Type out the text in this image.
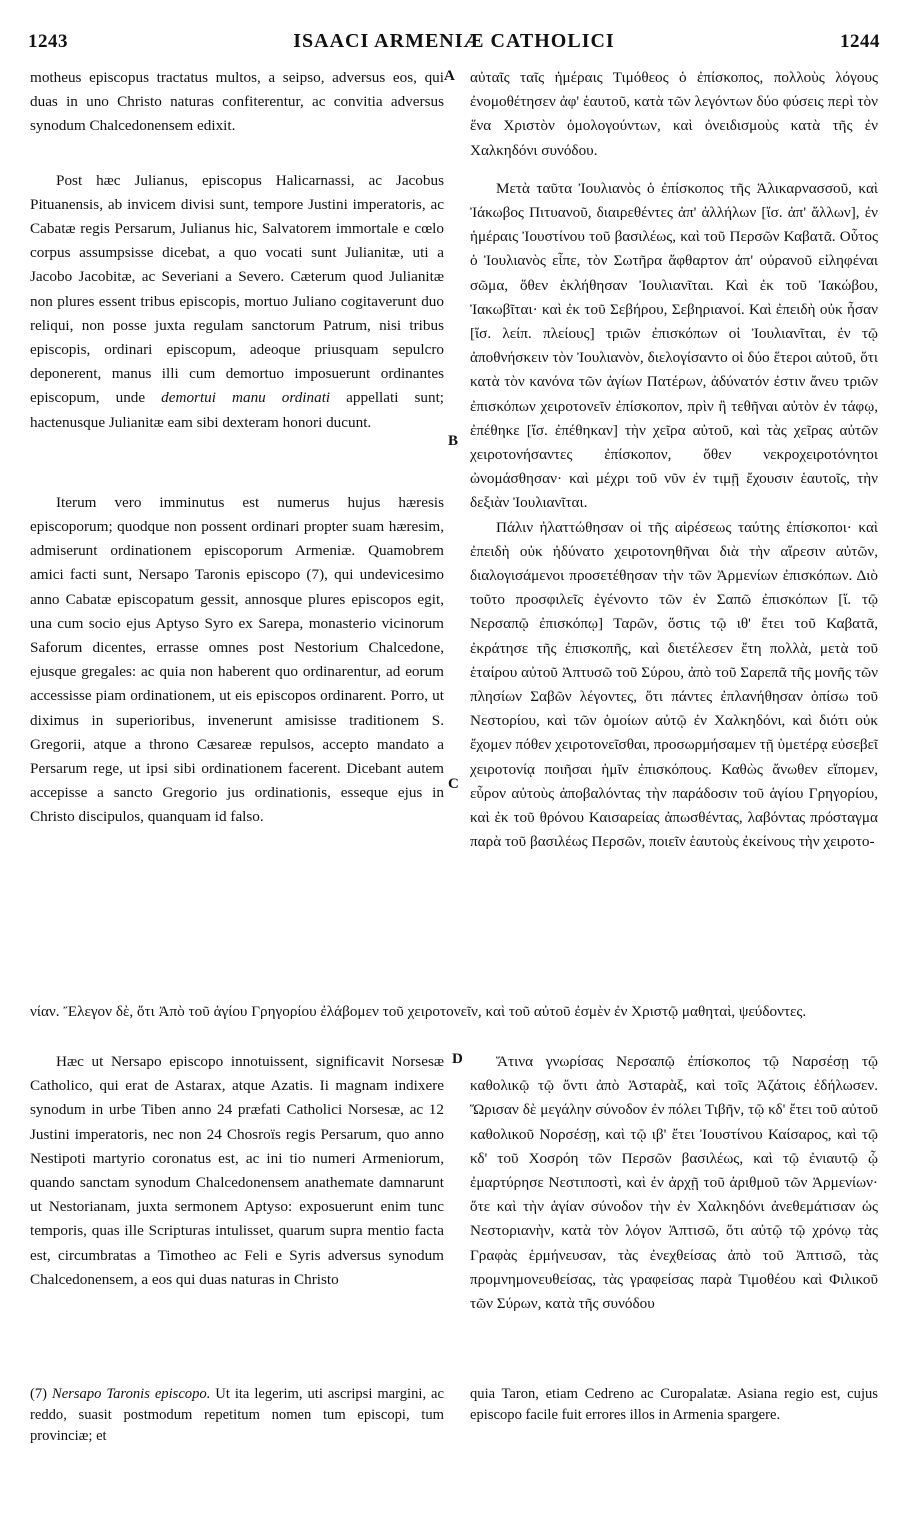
1243	ISAACI ARMENIÆ CATHOLICI	1244
A
B
C
D

motheus episcopus tractatus multos, a seipso, adversus eos, qui duas in uno Christo naturas confiterentur, ac convitia adversus synodum Chalcedonensem edixit.

Post hæc Julianus, episcopus Halicarnassi, ac Jacobus Pituanensis, ab invicem divisi sunt, tempore Justini imperatoris, ac Cabatæ regis Persarum, Julianus hic, Salvatorem immortale e cœlo corpus assumpsisse dicebat, a quo vocati sunt Julianitæ, uti a Jacobo Jacobitæ, ac Severiani a Severo. Cæterum quod Julianitæ non plures essent tribus episcopis, mortuo Juliano cogitaverunt duo reliqui, non posse juxta regulam sanctorum Patrum, nisi tribus episcopis, ordinari episcopum, adeoque priusquam sepulcro deponerent, manus illi cum demortuo imposuerunt ordinantes episcopum, unde demortui manu ordinati appellati sunt; hactenusque Julianitæ eam sibi dexteram honori ducunt.

Iterum vero imminutus est numerus hujus hæresis episcoporum; quodque non possent ordinari propter suam hæresim, admiserunt ordinationem episcoporum Armeniæ. Quamobrem amici facti sunt, Nersapo Taronis episcopo (7), qui undevicesimo anno Cabatæ episcopatum gessit, annosque plures episcopos egit, una cum socio ejus Aptyso Syro ex Sarepa, monasterio vicinorum Saforum dicentes, errasse omnes post Nestorium Chalcedone, ejusque gregales: ac quia non haberent quo ordinarentur, ad eorum accessisse piam ordinationem, ut eis episcopos ordinarent. Porro, ut diximus in superioribus, invenerunt amisisse traditionem S. Gregorii, atque a throno Cæsareæ repulsos, accepto mandato a Persarum rege, ut ipsi sibi ordinationem facerent. Dicebant autem accepisse a sancto Gregorio jus ordinationis, esseque ejus in Christo discipulos, quanquam id falso.

αὐταῖς ταῖς ἡμέραις Τιμόθεος ὁ ἐπίσκοπος, πολλοὺς λόγους ἐνομοθέτησεν ἀφ' ἑαυτοῦ, κατὰ τῶν λεγόντων δύο φύσεις περὶ τὸν ἕνα Χριστὸν ὁμολογούντων, καὶ ὀνειδισμοὺς κατὰ τῆς ἐν Χαλκηδόνι συνόδου.

Μετὰ ταῦτα Ἰουλιανὸς ὁ ἐπίσκοπος τῆς Ἁλικαρνασσοῦ, καὶ Ἰάκωβος Πιτυανοῦ, διαιρεθέντες ἀπ' ἀλλήλων [ἴσ. ἀπ' ἄλλων], ἐν ἡμέραις Ἰουστίνου τοῦ βασιλέως, καὶ τοῦ Περσῶν Καβατᾶ. Οὗτος ὁ Ἰουλιανὸς εἶπε, τὸν Σωτῆρα ἄφθαρτον ἀπ' οὐρανοῦ εἰληφέναι σῶμα, ὅθεν ἐκλήθησαν Ἰουλιανῖται. Καὶ ἐκ τοῦ Ἰακώβου, Ἰακωβῖται· καὶ ἐκ τοῦ Σεβήρου, Σεβηριανοί. Καὶ ἐπειδὴ οὐκ ἦσαν [ἴσ. λείπ. πλείους] τριῶν ἐπισκόπων οἱ Ἰουλιανῖται, ἐν τῷ ἀποθνήσκειν τὸν Ἰουλιανὸν, διελογίσαντο οἱ δύο ἕτεροι αὐτοῦ, ὅτι κατὰ τὸν κανόνα τῶν ἁγίων Πατέρων, ἀδύνατόν ἐστιν ἄνευ τριῶν ἐπισκόπων χειροτονεῖν ἐπίσκοπον, πρὶν ἢ τεθῆναι αὐτὸν ἐν τάφῳ, ἐπέθηκε [ἴσ. ἐπέθηκαν] τὴν χεῖρα αὐτοῦ, καὶ τὰς χεῖρας αὐτῶν χειροτονήσαντες ἐπίσκοπον, ὅθεν νεκροχειροτόνητοι ὠνομάσθησαν· καὶ μέχρι τοῦ νῦν ἐν τιμῇ ἔχουσιν ἑαυτοῖς, τὴν δεξιὰν Ἰουλιανῖται.

Πάλιν ἠλαττώθησαν οἱ τῆς αἱρέσεως ταύτης ἐπίσκοποι· καὶ ἐπειδὴ οὐκ ἠδύνατο χειροτονηθῆναι διὰ τὴν αἵρεσιν αὐτῶν, διαλογισάμενοι προσετέθησαν τὴν τῶν Ἀρμενίων ἐπισκόπων. Διὸ τοῦτο προσφιλεῖς ἐγένοντο τῶν ἐν Σαπῶ ἐπισκόπων [ἴ. τῷ Νερσαπῷ ἐπισκόπῳ] Ταρῶν, ὅστις τῷ ιθ' ἔτει τοῦ Καβατᾶ, ἐκράτησε τῆς ἐπισκοπῆς, καὶ διετέλεσεν ἔτη πολλὰ, μετὰ τοῦ ἑταίρου αὐτοῦ Ἀπτυσῶ τοῦ Σύρου, ἀπὸ τοῦ Σαρεπᾶ τῆς μονῆς τῶν πλησίων Σαβῶν λέγοντες, ὅτι πάντες ἐπλανήθησαν ὀπίσω τοῦ Νεστορίου, καὶ τῶν ὁμοίων αὐτῷ ἐν Χαλκηδόνι, καὶ διότι οὐκ ἔχομεν πόθεν χειροτονεῖσθαι, προσωρμήσαμεν τῇ ὑμετέρᾳ εὐσεβεῖ χειροτονίᾳ ποιῆσαι ἡμῖν ἐπισκόπους. Καθὼς ἄνωθεν εἴπομεν, εὗρον αὐτοὺς ἀποβαλόντας τὴν παράδοσιν τοῦ ἁγίου Γρηγορίου, καὶ ἐκ τοῦ θρόνου Καισαρείας ἀπωσθέντας, λαβόντας πρόσταγμα παρὰ τοῦ βασιλέως Περσῶν, ποιεῖν ἑαυτοὺς ἐκείνους τὴν χειροτο-

νίαν. Ἔλεγον δὲ, ὅτι Ἀπὸ τοῦ ἁγίου Γρηγορίου ἐλάβομεν τοῦ χειροτονεῖν, καὶ τοῦ αὐτοῦ ἐσμὲν ἐν Χριστῷ μαθηταὶ, ψεύδοντες.

Hæc ut Nersapo episcopo innotuissent, significavit Norsesæ Catholico, qui erat de Astarax, atque Azatis. Ii magnam indixere synodum in urbe Tiben anno 24 præfati Catholici Norsesæ, ac 12 Justini imperatoris, nec non 24 Chosroïs regis Persarum, quo anno Nestipoti martyrio coronatus est, ac ini tio numeri Armeniorum, quando sanctam synodum Chalcedonensem anathemate damnarunt ut Nestorianam, juxta sermonem Aptyso: exposuerunt enim tunc temporis, quas ille Scripturas intulisset, quarum supra mentio facta est, circumbratas a Timotheo ac Feli e Syris adversus synodum Chalcedonensem, a eos qui duas naturas in Christo

Ἅτινα γνωρίσας Νερσαπῷ ἐπίσκοπος τῷ Ναρσέσῃ τῷ καθολικῷ τῷ ὄντι ἀπὸ Ἀσταρὰξ, καὶ τοῖς Ἀζάτοις ἐδήλωσεν. Ὥρισαν δὲ μεγάλην σύνοδον ἐν πόλει Τιβῆν, τῷ κδ' ἔτει τοῦ αὐτοῦ καθολικοῦ Νορσέσῃ, καὶ τῷ ιβ' ἔτει Ἰουστίνου Καίσαρος, καὶ τῷ κδ' τοῦ Χοσρόη τῶν Περσῶν βασιλέως, καὶ τῷ ἐνιαυτῷ ᾧ ἐμαρτύρησε Νεστιποστὶ, καὶ ἐν ἀρχῇ τοῦ ἀριθμοῦ τῶν Ἀρμενίων· ὅτε καὶ τὴν ἁγίαν σύνοδον τὴν ἐν Χαλκηδόνι ἀνεθεμάτισαν ὡς Νεστοριανὴν, κατὰ τὸν λόγον Ἀπτισῶ, ὅτι αὐτῷ τῷ χρόνῳ τὰς Γραφὰς ἑρμήνευσαν, τὰς ἐνεχθείσας ἀπὸ τοῦ Ἀπτισῶ, τὰς προμνημονευθείσας, τὰς γραφείσας παρὰ Τιμοθέου καὶ Φιλικοῦ τῶν Σύρων, κατὰ τῆς συνόδου

(7) Nersapo Taronis episcopo. Ut ita legerim, uti ascripsi margini, ac reddo, suasit postmodum repetitum nomen tum episcopi, tum provinciæ; et
quia Taron, etiam Cedreno ac Curopalatæ. Asiana regio est, cujus episcopo facile fuit errores illos in Armenia spargere.
